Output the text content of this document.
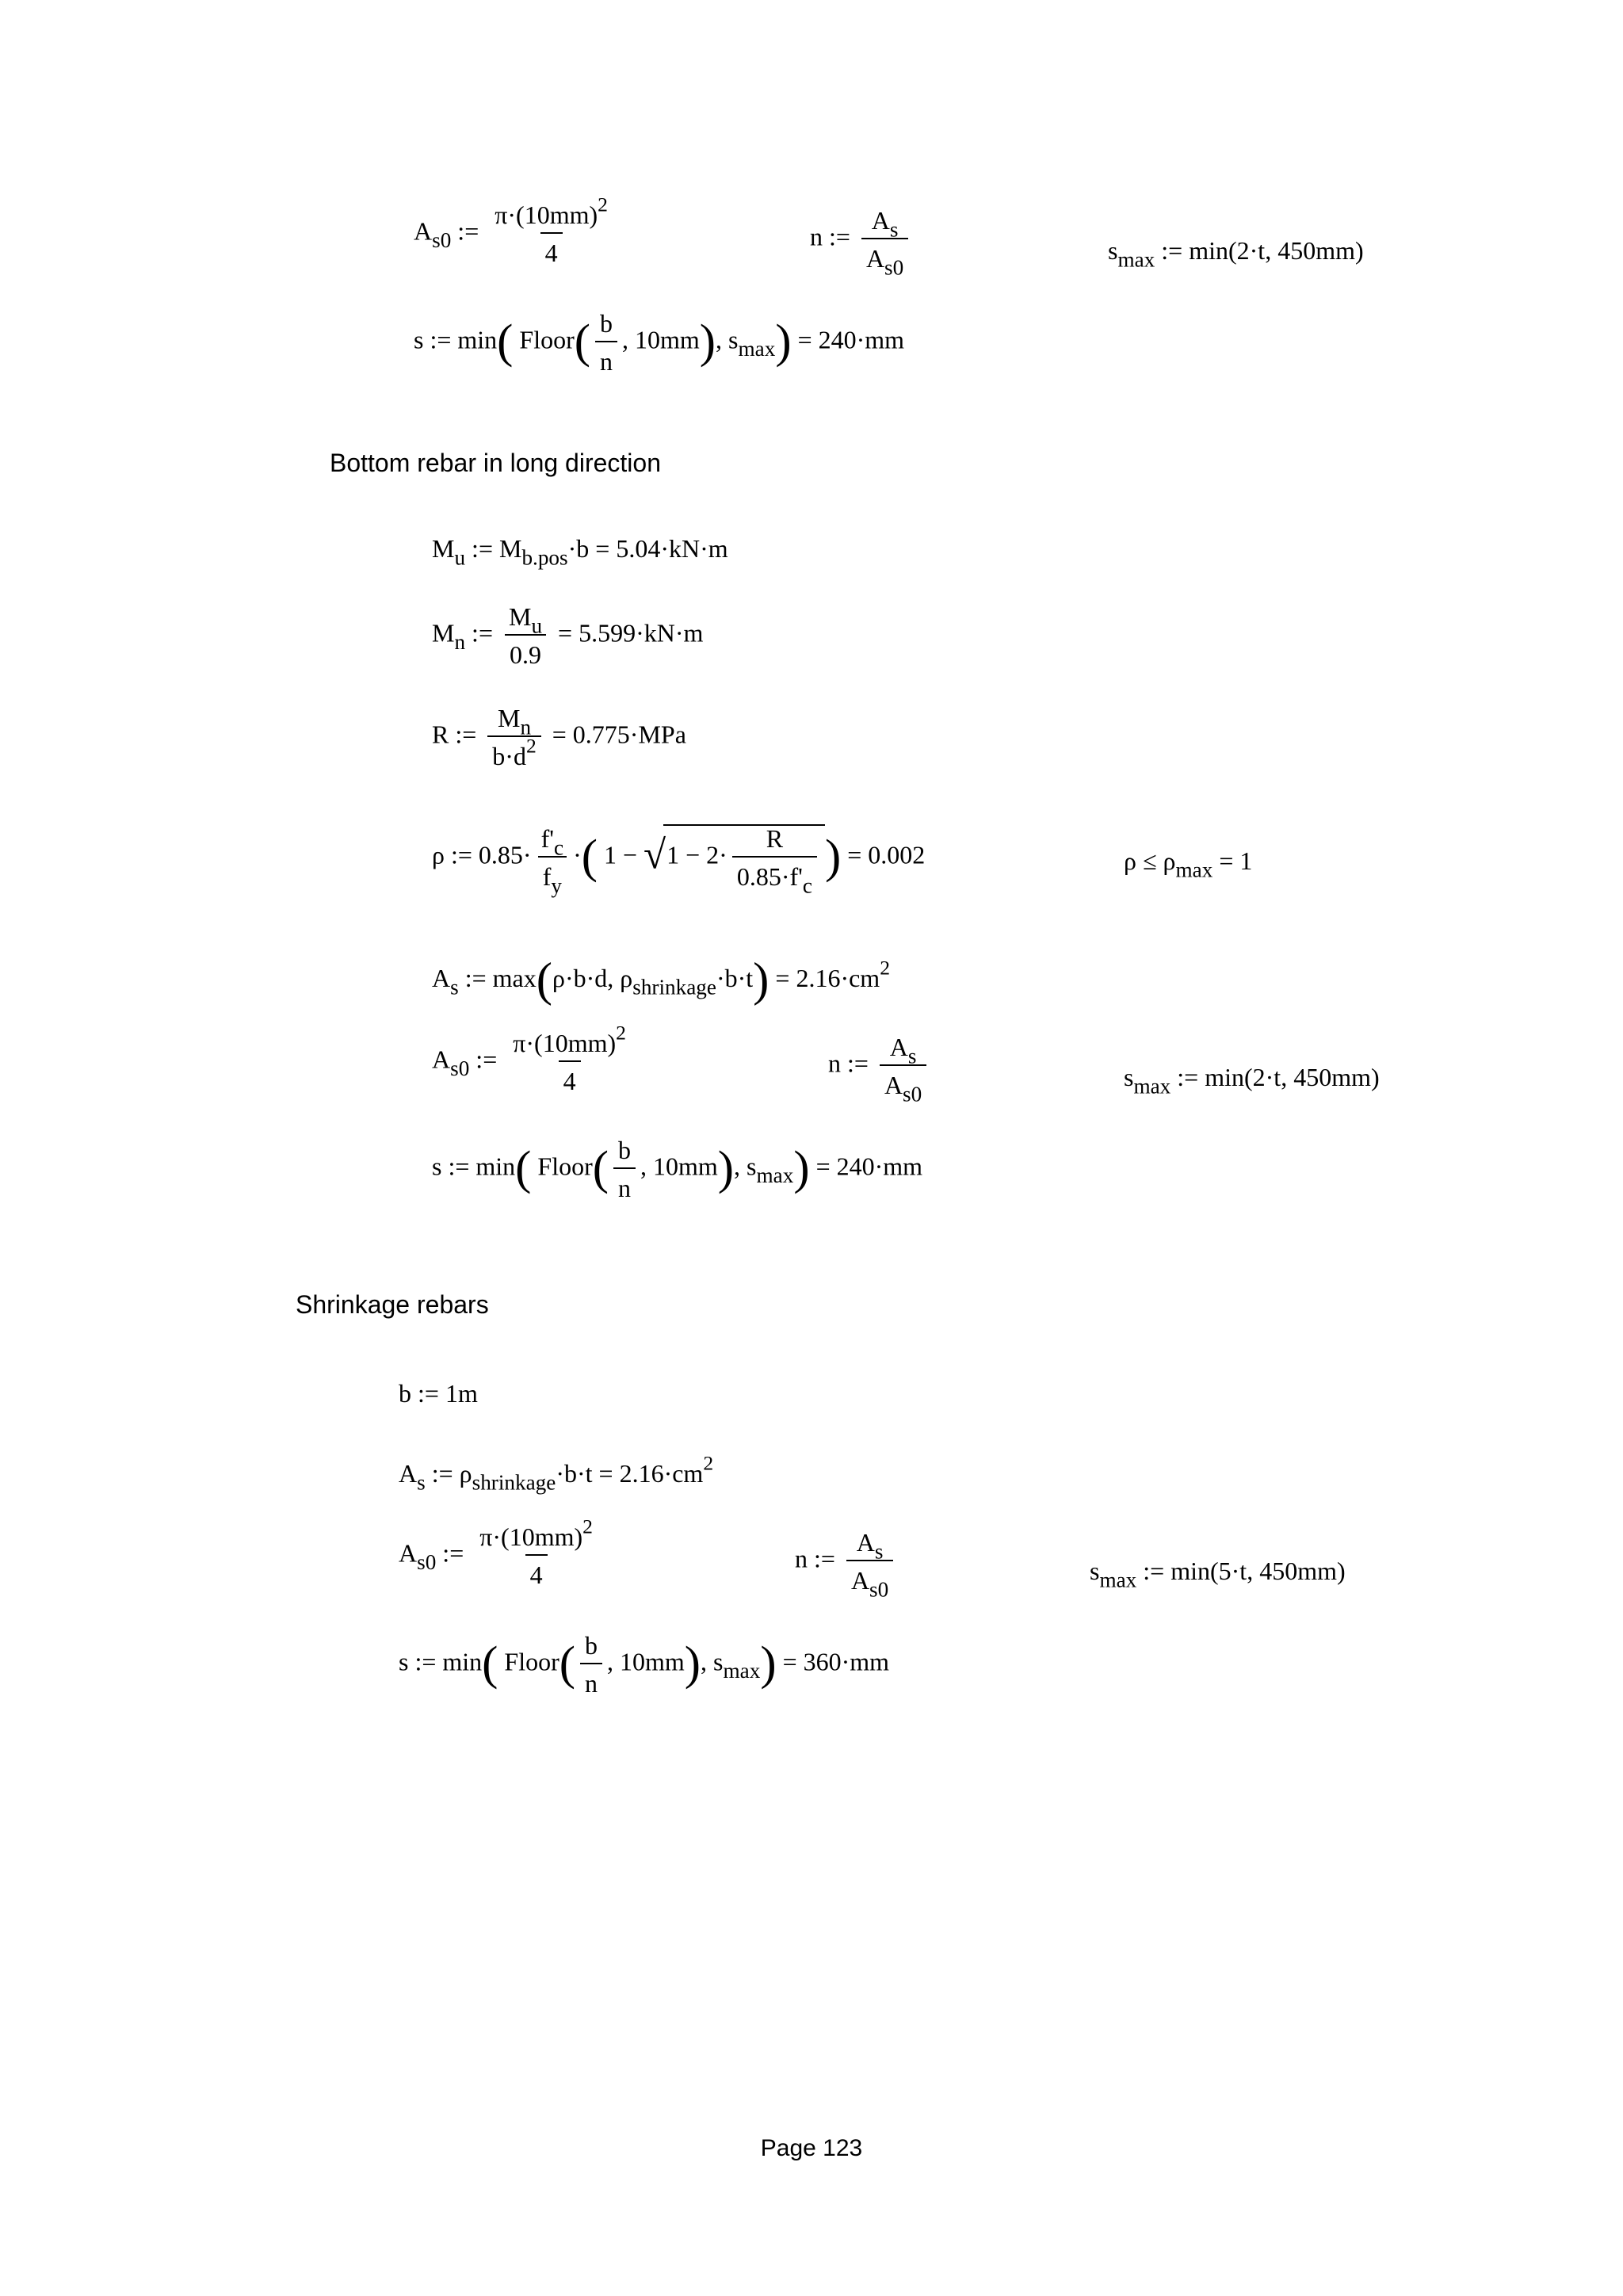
$A_{s0}$ := $\frac{\pi\cdot(10mm)^2}{4}$	n := $\frac{A_s}{A_{s0}}$	$s_{max}$ := min(2·t, 450mm)
s := min( Floor( $\frac{b}{n}$ , 10mm), $s_{max}) = 240\cdot mm$
Bottom rebar in long direction
$M_u$ := $M_{b.pos}\cdot b = 5.04\cdot kN\cdot m$
$M_n$ := $\frac{M_u}{0.9} = 5.599\cdot kN\cdot m$
R := $\frac{M_n}{b\cdot d^2} = 0.775\cdot MPa$
ρ := $0.85\cdot \frac{f'_c}{f_y}$ ·( $1 - √1 - 2\cdot \frac{R}{0.85\cdot f'_c}$ ) = 0.002	$\rho \le \rho_{max} = 1$
$A_s$ := max(ρ·b·d, $\rho_{shrinkage}\cdot b\cdot t) = 2.16\cdot cm^2$
$A_{s0}$ := $\frac{\pi\cdot(10mm)^2}{4}$	n := $\frac{A_s}{A_{s0}}$	$s_{max}$ := min(2·t, 450mm)
s := min( Floor( $\frac{b}{n}$ , 10mm), $s_{max}) = 240\cdot mm$
Shrinkage rebars
b := 1m
$A_s$ := $\rho_{shrinkage}\cdot b\cdot t = 2.16\cdot cm^2$
$A_{s0}$ := $\frac{\pi\cdot(10mm)^2}{4}$	n := $\frac{A_s}{A_{s0}}$	$s_{max}$ := min(5·t, 450mm)
s := min( Floor( $\frac{b}{n}$ , 10mm), $s_{max}) = 360\cdot mm$
Page 123
